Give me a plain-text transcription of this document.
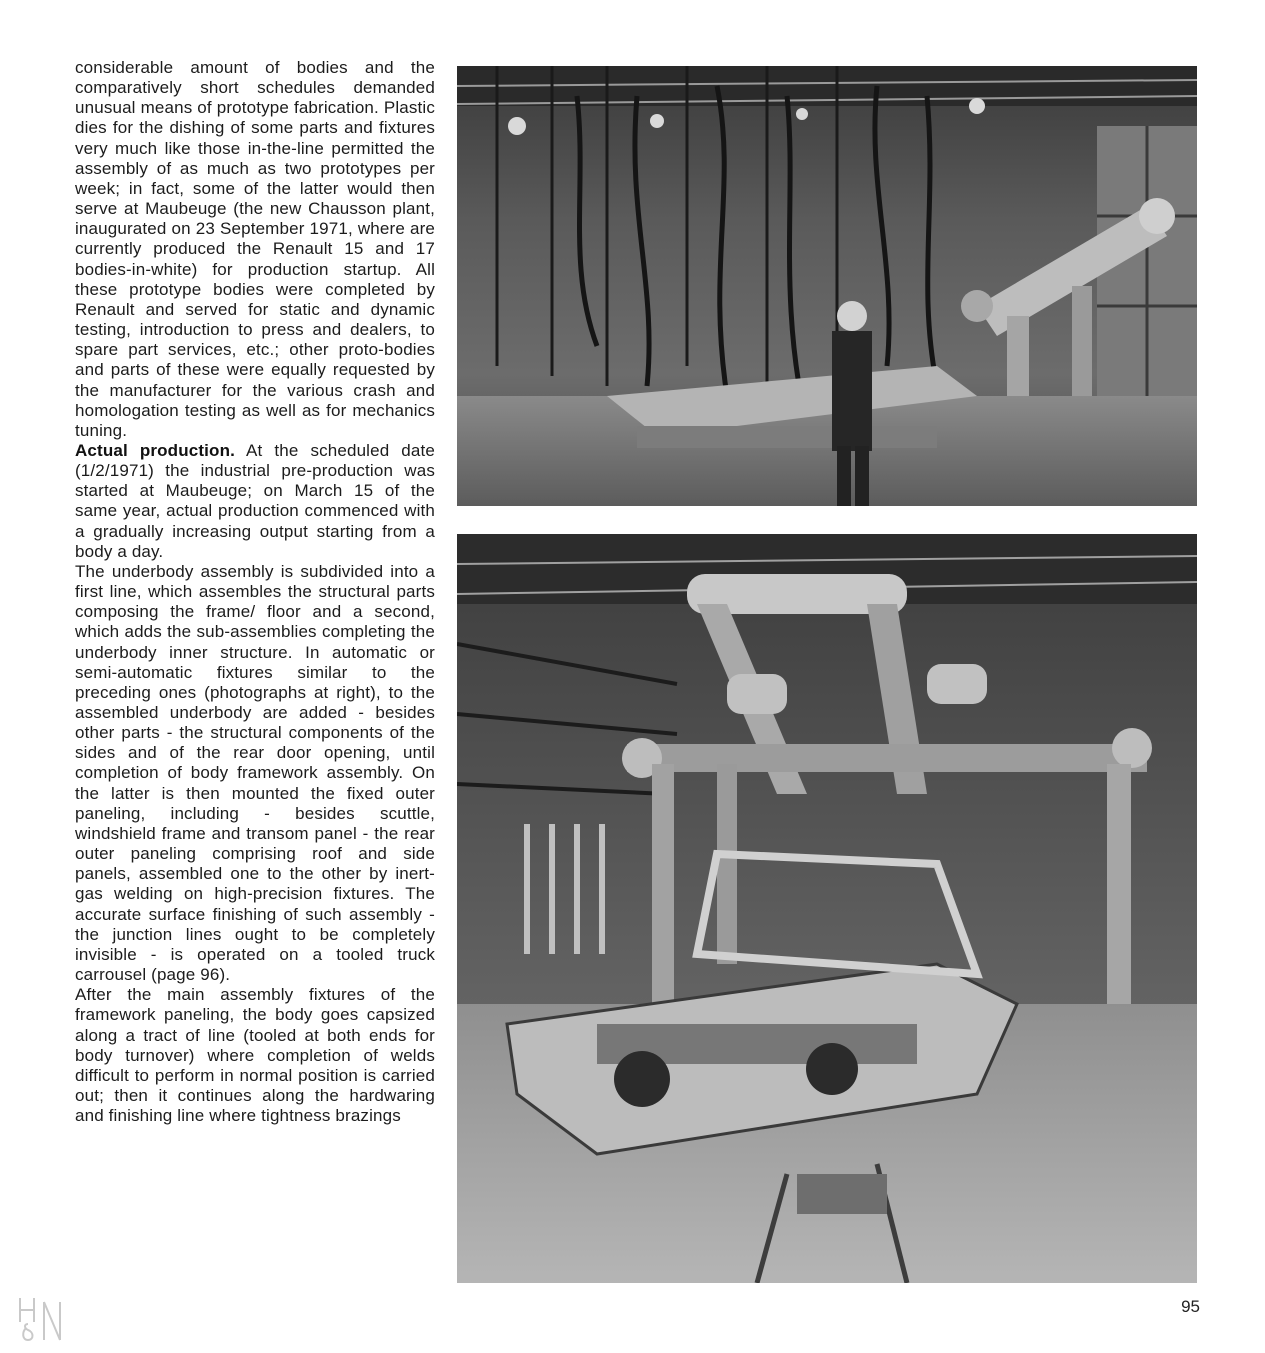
considerable amount of bodies and the comparatively short schedules demanded unusual means of prototype fabrication. Plastic dies for the dishing of some parts and fixtures very much like those in-the-line permitted the assembly of as much as two prototypes per week; in fact, some of the latter would then serve at Maubeuge (the new Chausson plant, inaugurated on 23 September 1971, where are currently produced the Renault 15 and 17 bodies-in-white) for production startup. All these prototype bodies were completed by Renault and served for static and dynamic testing, introduction to press and dealers, to spare part services, etc.; other proto-bodies and parts of these were equally requested by the manufacturer for the various crash and homologation testing as well as for mechanics tuning.

Actual production. At the scheduled date (1/2/1971) the industrial pre-production was started at Maubeuge; on March 15 of the same year, actual production commenced with a gradually increasing output starting from a body a day.

The underbody assembly is subdivided into a first line, which assembles the structural parts composing the frame/ floor and a second, which adds the sub-assemblies completing the underbody inner structure. In automatic or semi-automatic fixtures similar to the preceding ones (photographs at right), to the assembled underbody are added - besides other parts - the structural components of the sides and of the rear door opening, until completion of body framework assembly. On the latter is then mounted the fixed outer paneling, including - besides scuttle, windshield frame and transom panel - the rear outer paneling comprising roof and side panels, assembled one to the other by inert-gas welding on high-precision fixtures. The accurate surface finishing of such assembly - the junction lines ought to be completely invisible - is operated on a tooled truck carrousel (page 96).

After the main assembly fixtures of the framework paneling, the body goes capsized along a tract of line (tooled at both ends for body turnover) where completion of welds difficult to perform in normal position is carried out; then it continues along the hardwaring and finishing line where tightness brazings

95
